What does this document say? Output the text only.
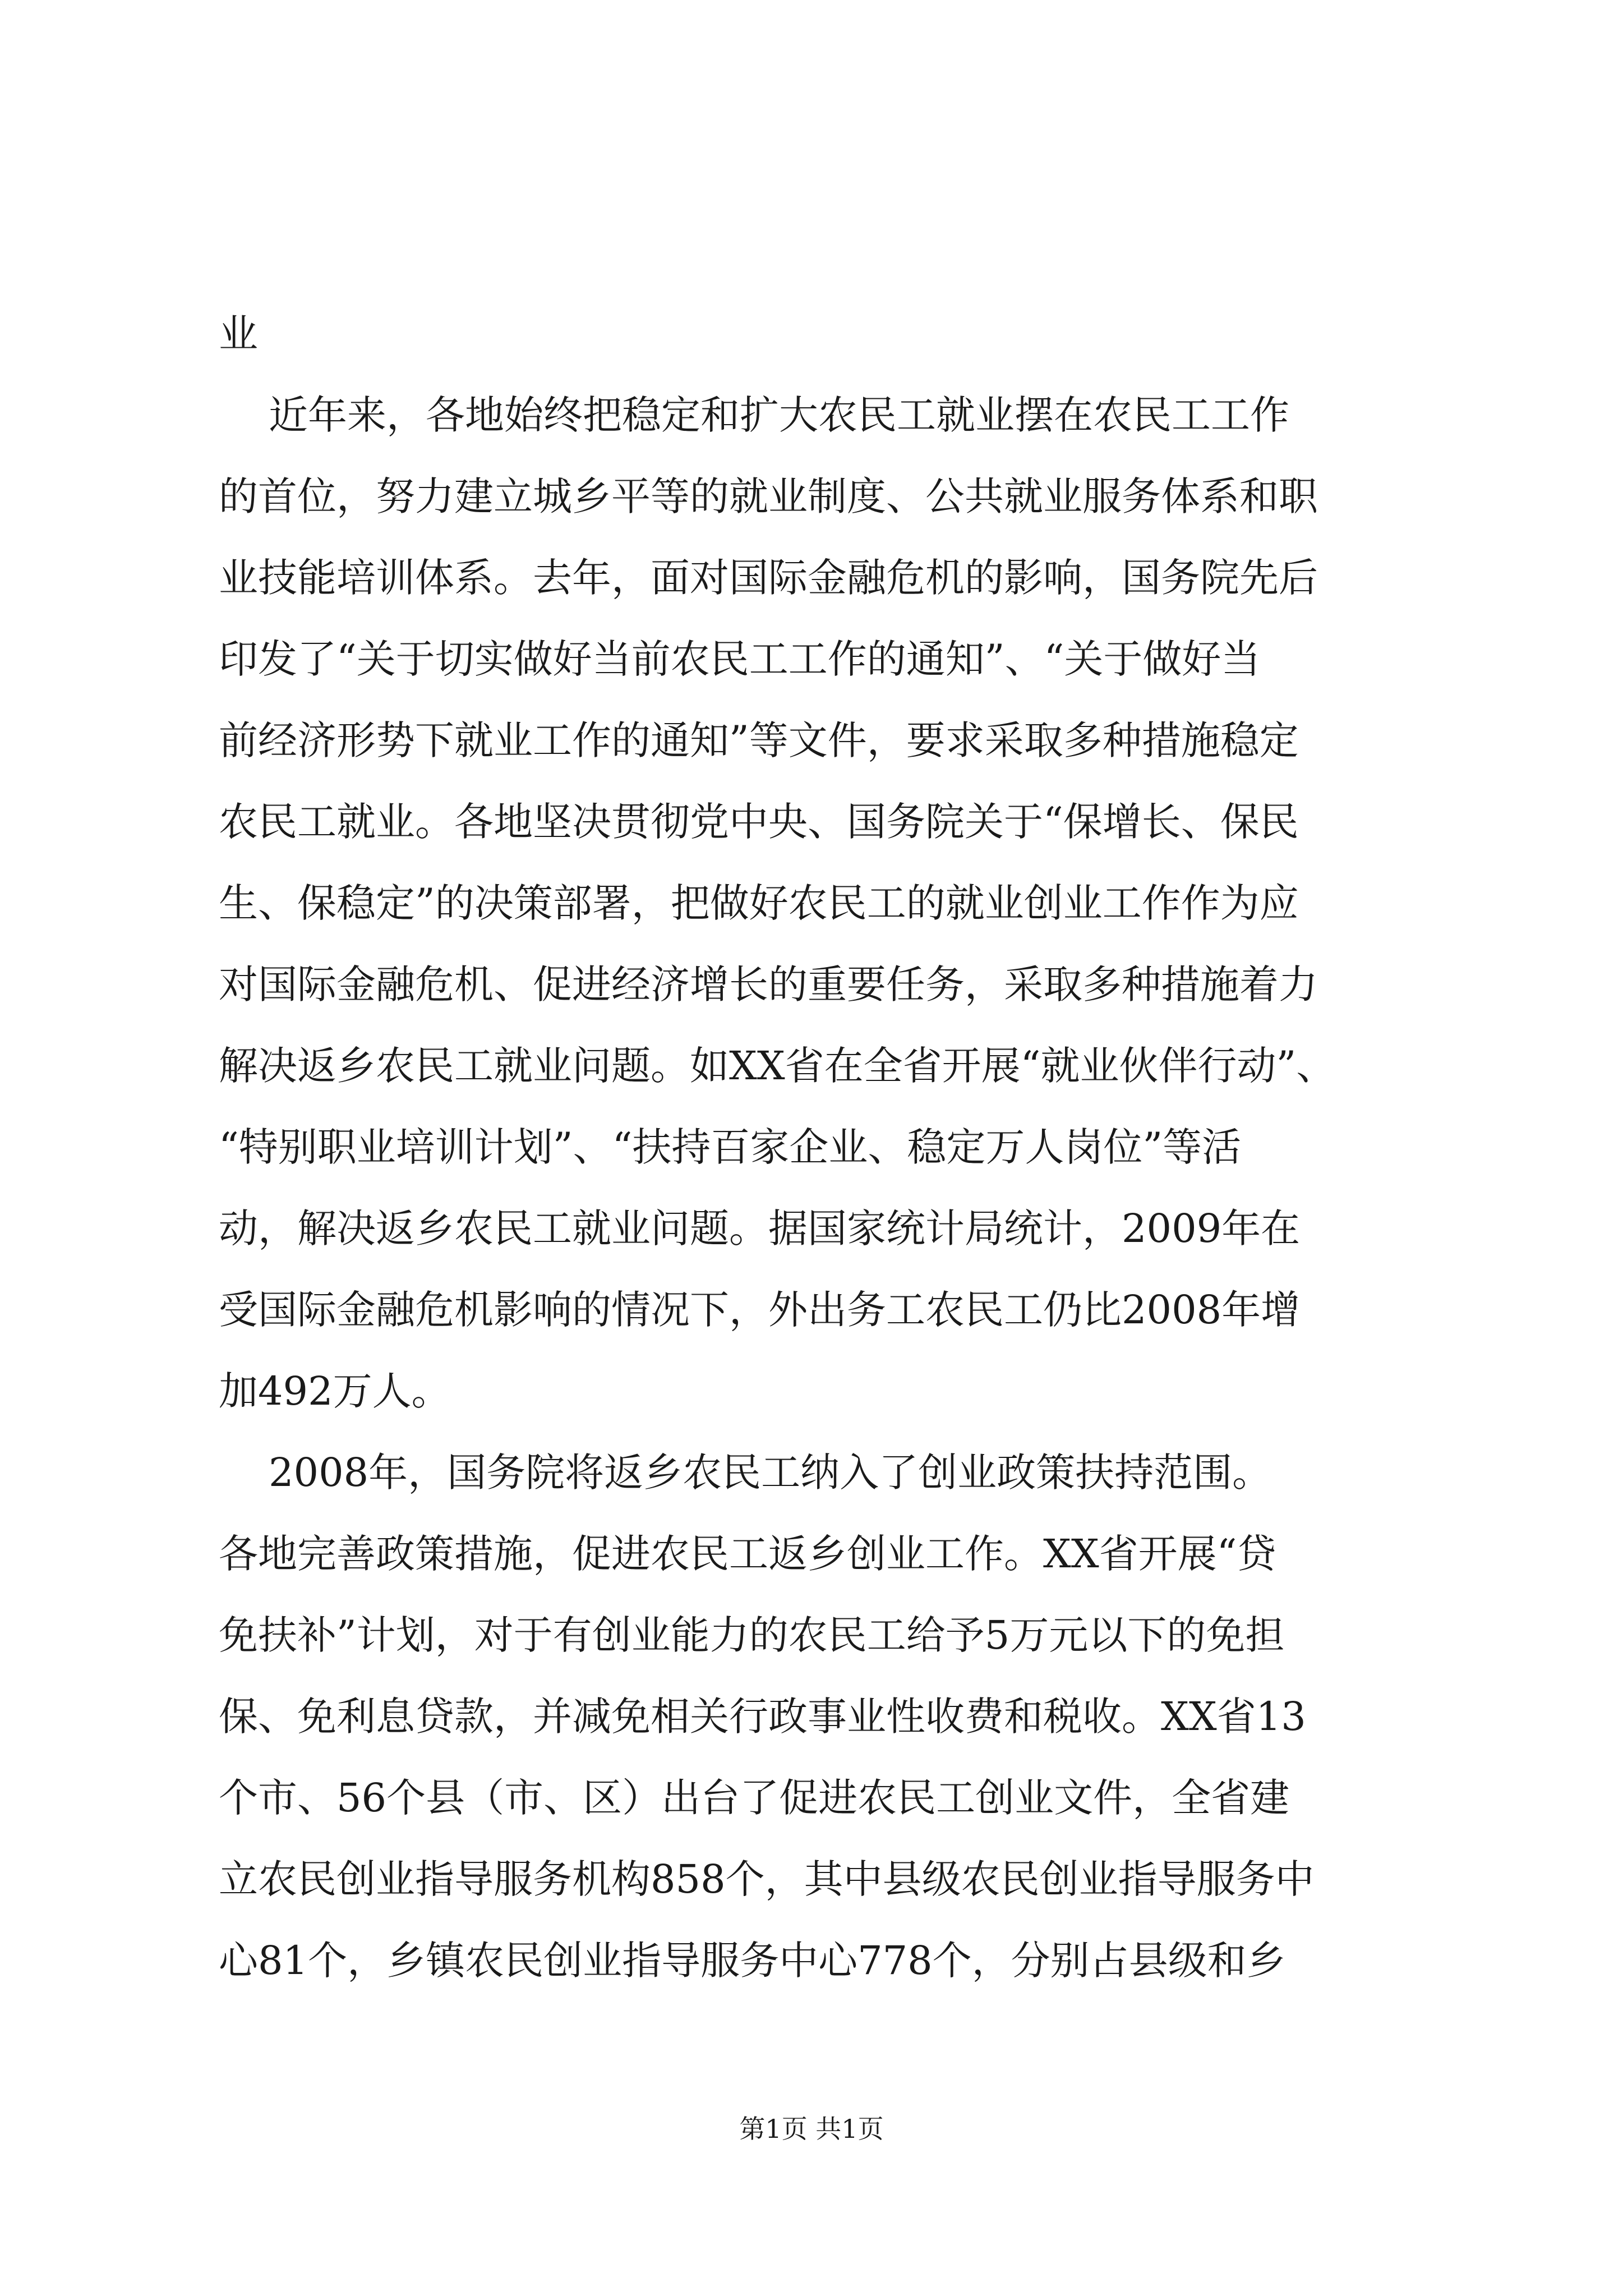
业

近年来，各地始终把稳定和扩大农民工就业摆在农民工工作

的首位，努力建立城乡平等的就业制度、公共就业服务体系和职

业技能培训体系。去年，面对国际金融危机的影响，国务院先后

印发了“关于切实做好当前农民工工作的通知”、“关于做好当

前经济形势下就业工作的通知”等文件，要求采取多种措施稳定

农民工就业。各地坚决贯彻党中央、国务院关于“保增长、保民

生、保稳定”的决策部署，把做好农民工的就业创业工作作为应

对国际金融危机、促进经济增长的重要任务，采取多种措施着力

解决返乡农民工就业问题。如XX省在全省开展“就业伙伴行动”、

“特别职业培训计划”、“扶持百家企业、稳定万人岗位”等活

动，解决返乡农民工就业问题。据国家统计局统计，2009年在

受国际金融危机影响的情况下，外出务工农民工仍比2008年增

加492万人。

2008年，国务院将返乡农民工纳入了创业政策扶持范围。

各地完善政策措施，促进农民工返乡创业工作。XX省开展“贷

免扶补”计划，对于有创业能力的农民工给予5万元以下的免担

保、免利息贷款，并减免相关行政事业性收费和税收。XX省13

个市、56个县（市、区）出台了促进农民工创业文件，全省建

立农民创业指导服务机构858个，其中县级农民创业指导服务中

心81个，乡镇农民创业指导服务中心778个，分别占县级和乡

第1页 共1页
